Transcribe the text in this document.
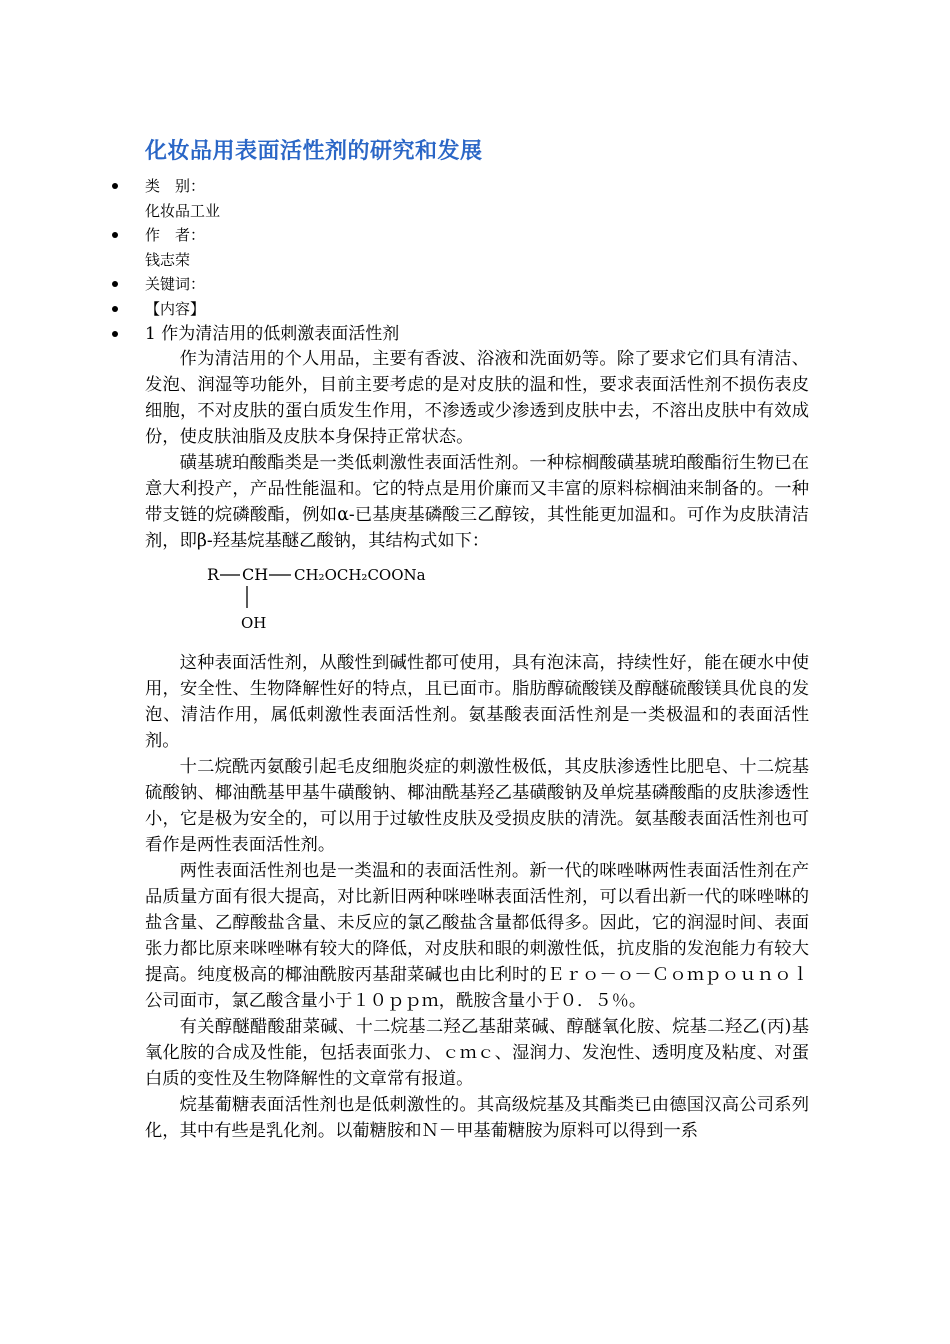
化妆品用表面活性剂的研究和发展
类　别：
化妆品工业
作　者：
钱志荣
关键词：
【内容】
1 作为清洁用的低刺激表面活性剂

作为清洁用的个人用品，主要有香波、浴液和洗面奶等。除了要求它们具有清洁、发泡、润湿等功能外，目前主要考虑的是对皮肤的温和性，要求表面活性剂不损伤表皮细胞，不对皮肤的蛋白质发生作用，不渗透或少渗透到皮肤中去，不溶出皮肤中有效成份，使皮肤油脂及皮肤本身保持正常状态。

磺基琥珀酸酯类是一类低刺激性表面活性剂。一种棕榈酸磺基琥珀酸酯衍生物已在意大利投产，产品性能温和。它的特点是用价廉而又丰富的原料棕榈油来制备的。一种带支链的烷磷酸酯，例如α-已基庚基磷酸三乙醇铵，其性能更加温和。可作为皮肤清洁剂，即β-羟基烷基醚乙酸钠，其结构式如下：

R CH CH₂OCH₂COONa
OH

这种表面活性剂，从酸性到碱性都可使用，具有泡沫高，持续性好，能在硬水中使用，安全性、生物降解性好的特点，且已面市。脂肪醇硫酸镁及醇醚硫酸镁具优良的发泡、清洁作用，属低刺激性表面活性剂。氨基酸表面活性剂是一类极温和的表面活性剂。

十二烷酰丙氨酸引起毛皮细胞炎症的刺激性极低，其皮肤渗透性比肥皂、十二烷基硫酸钠、椰油酰基甲基牛磺酸钠、椰油酰基羟乙基磺酸钠及单烷基磷酸酯的皮肤渗透性小，它是极为安全的，可以用于过敏性皮肤及受损皮肤的清洗。氨基酸表面活性剂也可看作是两性表面活性剂。

两性表面活性剂也是一类温和的表面活性剂。新一代的咪唑啉两性表面活性剂在产品质量方面有很大提高，对比新旧两种咪唑啉表面活性剂，可以看出新一代的咪唑啉的盐含量、乙醇酸盐含量、未反应的氯乙酸盐含量都低得多。因此，它的润湿时间、表面张力都比原来咪唑啉有较大的降低，对皮肤和眼的刺激性低，抗皮脂的发泡能力有较大提高。纯度极高的椰油酰胺丙基甜菜碱也由比利时的Ｅｒｏ－ｏ－Ｃｏｍｐｏｕｎｏｌ公司面市，氯乙酸含量小于１０ｐｐｍ，酰胺含量小于０．５％。

有关醇醚醋酸甜菜碱、十二烷基二羟乙基甜菜碱、醇醚氧化胺、烷基二羟乙(丙)基氧化胺的合成及性能，包括表面张力、ｃｍｃ、湿润力、发泡性、透明度及粘度、对蛋白质的变性及生物降解性的文章常有报道。

烷基葡糖表面活性剂也是低刺激性的。其高级烷基及其酯类已由德国汉高公司系列化，其中有些是乳化剂。以葡糖胺和Ｎ－甲基葡糖胺为原料可以得到一系
